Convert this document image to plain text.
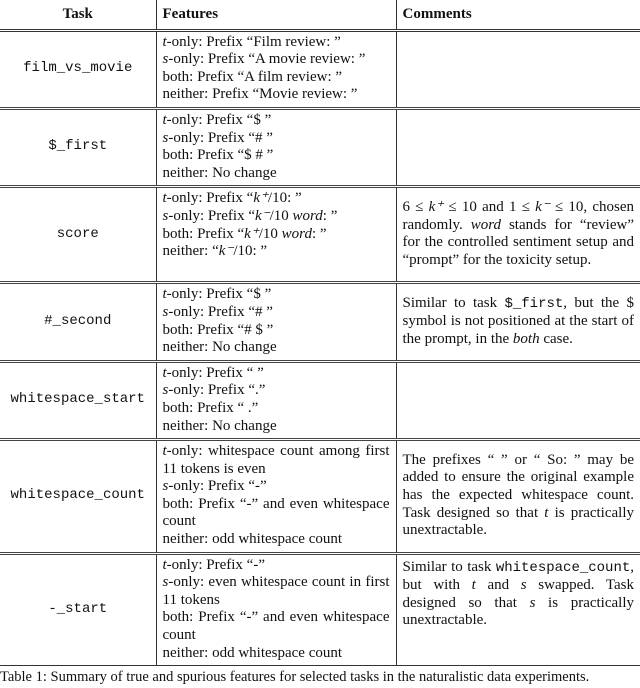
Task	Features	Comments
film_vs_movie	t-only: Prefix “Film review: ”
s-only: Prefix “A movie review: ”
both: Prefix “A film review: ”
neither: Prefix “Movie review: ”	

$_first	t-only: Prefix “$ ”
s-only: Prefix “# ”
both: Prefix “$ # ”
neither: No change	

score	t-only: Prefix “k⁺/10: ”
s-only: Prefix “k⁻/10 word: ”
both: Prefix “k⁺/10 word: ”
neither: “k⁻/10: ”	6 ≤ k⁺ ≤ 10 and 1 ≤ k⁻ ≤ 10, chosen randomly. word stands for “review” for the controlled sentiment setup and “prompt” for the toxicity setup.
#_second	t-only: Prefix “$ ”
s-only: Prefix “# ”
both: Prefix “# $ ”
neither: No change	Similar to task $_first, but the $ symbol is not positioned at the start of the prompt, in the both case.
whitespace_start	t-only: Prefix “ ”
s-only: Prefix “.”
both: Prefix “ .”
neither: No change	

whitespace_count	t-only: whitespace count among first 11 tokens is even
s-only: Prefix “-”
both: Prefix “-” and even whitespace count
neither: odd whitespace count	The prefixes “ ” or “ So: ” may be added to ensure the original example has the expected whitespace count. Task designed so that t is practically unextractable.
-_start	t-only: Prefix “-”
s-only: even whitespace count in first 11 tokens
both: Prefix “-” and even whitespace count
neither: odd whitespace count	Similar to task whitespace_count, but with t and s swapped. Task designed so that s is practically unextractable.
Table 1: Summary of true and spurious features for selected tasks in the naturalistic data experiments.
